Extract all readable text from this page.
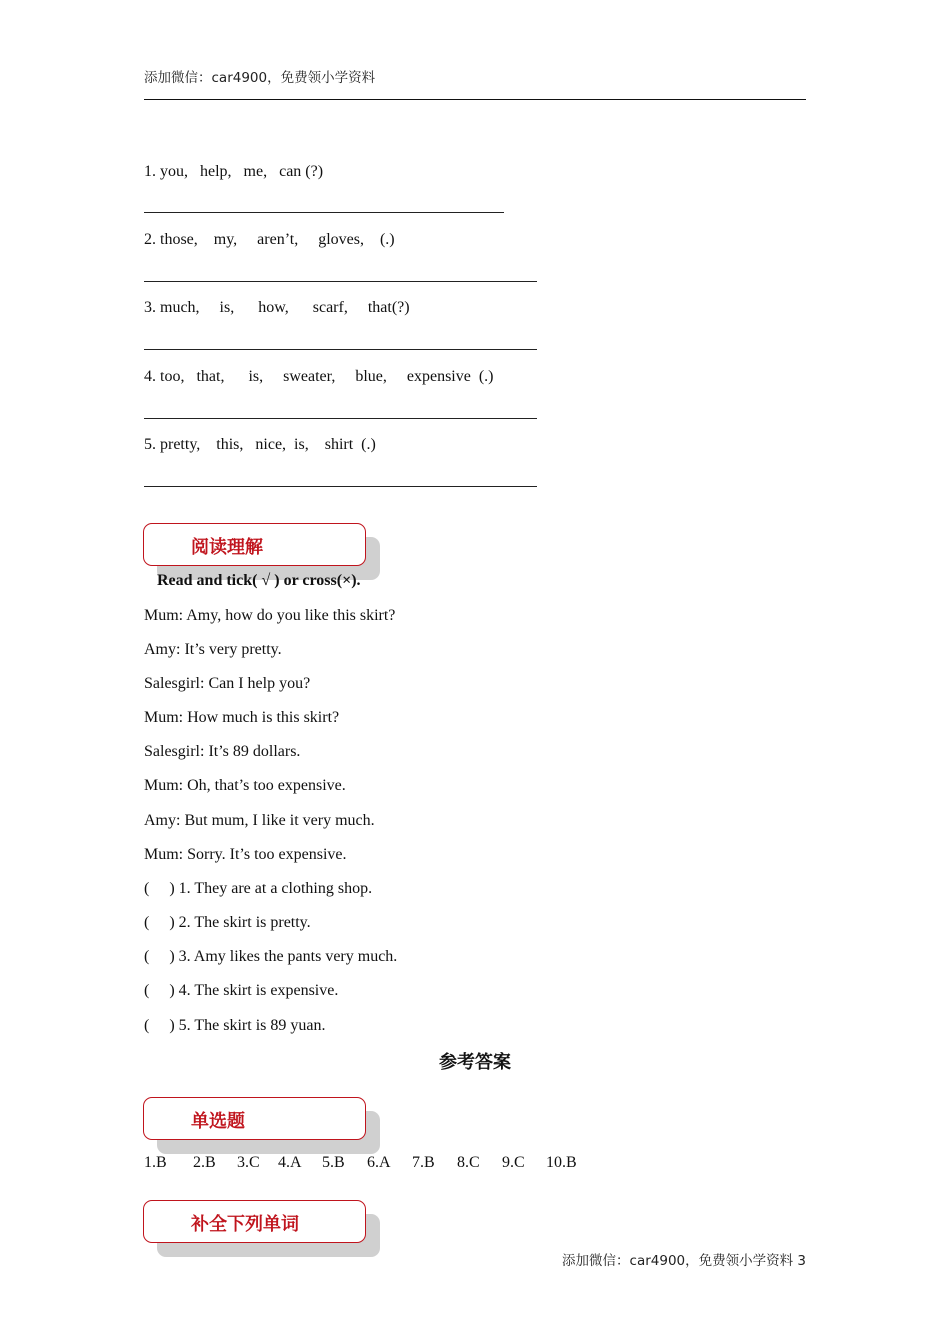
添加微信：car4900，免费领小学资料
1. you,   help,   me,   can (?)
2. those,    my,     aren’t,     gloves,    (.)
3. much,     is,      how,      scarf,     that(?)
4. too,   that,      is,     sweater,     blue,     expensive  (.)
5. pretty,    this,   nice,  is,    shirt  (.)
阅读理解
Read and tick( √ ) or cross(×).
Mum: Amy, how do you like this skirt?
Amy: It’s very pretty.
Salesgirl: Can I help you?
Mum: How much is this skirt?
Salesgirl: It’s 89 dollars.
Mum: Oh, that’s too expensive.
Amy: But mum, I like it very much.
Mum: Sorry. It’s too expensive.
(     ) 1. They are at a clothing shop.
(     ) 2. The skirt is pretty.
(     ) 3. Amy likes the pants very much.
(     ) 4. The skirt is expensive.
(     ) 5. The skirt is 89 yuan.
参考答案
单选题
1.B	2.B	3.C	4.A	5.B	6.A	7.B	8.C	9.C	10.B
补全下列单词
添加微信：car4900，免费领小学资料 3
